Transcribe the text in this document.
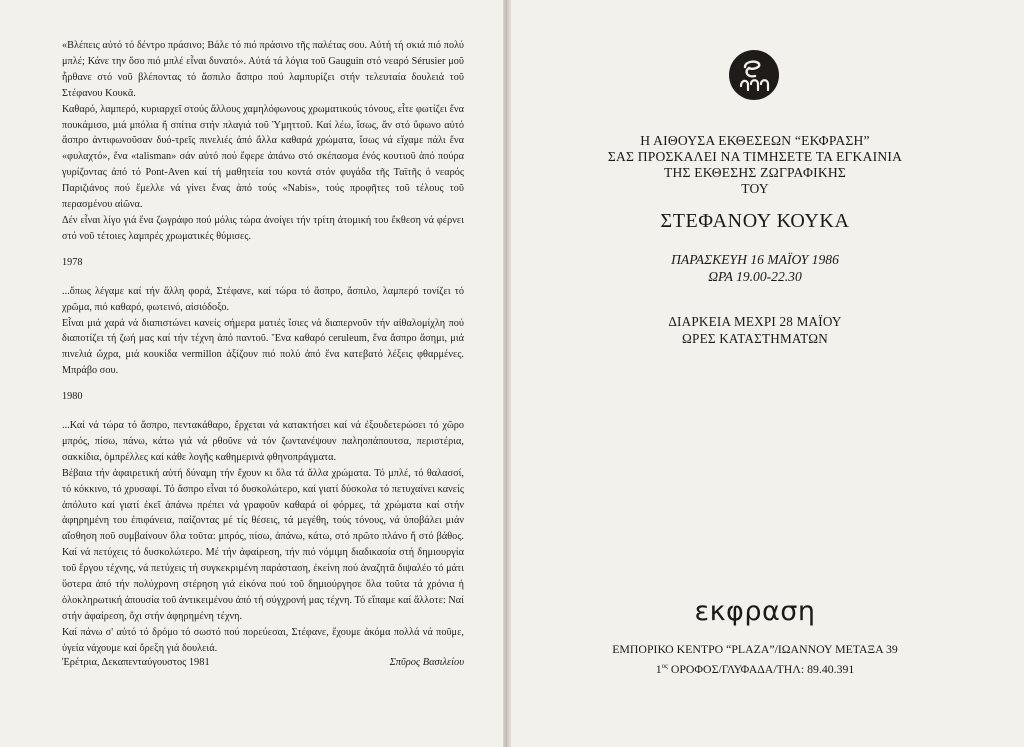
«Βλέπεις αὐτό τό δέντρο πράσινο; Βάλε τό πιό πράσινο τῆς παλέτας σου. Αὐτή τή σκιά πιό πολύ μπλέ; Κάνε την ὅσο πιό μπλέ εἶναι δυνατό». Αὐτά τά λόγια τοῦ Gauguin στό νεαρό Sérusier μοῦ ἦρθανε στό νοῦ βλέποντας τό ἄσπιλο ἄσπρο πού λαμπυρίζει στήν τελευταία δουλειά τοῦ Στέφανου Κουκᾶ.

Καθαρό, λαμπερό, κυριαρχεῖ στούς ἄλλους χαμηλόφωνους χρωματικούς τόνους, εἶτε φωτίζει ἕνα πουκάμισο, μιά μπόλια ἤ σπίτια στήν πλαγιά τοῦ Ὑμηττοῦ. Καί λέω, ἴσως, ἄν στό ὕφωνο αὐτό ἄσπρο ἀντιφωνοῦσαν δυό-τρεῖς πινελιές ἀπό ἄλλα καθαρά χρώματα, ἴσως νά εἴχαμε πάλι ἕνα «φυλαχτό», ἕνα «talisman» σάν αὐτό πού ἔφερε ἀπάνω στό σκέπασμα ἑνός κουτιοῦ ἀπό πούρα γυρίζοντας ἀπό τό Pont-Aven καί τή μαθητεία του κοντά στόν φυγάδα τῆς Ταϊτῆς ὁ νεαρός Παριζιάνος πού ἔμελλε νά γίνει ἕνας ἀπό τούς «Nabis», τούς προφῆτες τοῦ τέλους τοῦ περασμένου αἰῶνα.

Δέν εἶναι λίγο γιά ἕνα ζωγράφο πού μόλις τώρα ἀνοίγει τήν τρίτη ἀτομική του ἔκθεση νά φέρνει στό νοῦ τέτοιες λαμπρές χρωματικές θύμισες.

1978

...ὅπως λέγαμε καί τήν ἄλλη φορά, Στέφανε, καί τώρα τό ἄσπρο, ἄσπιλο, λαμπερό τονίζει τό χρῶμα, πιό καθαρό, φωτεινό, αἰσιόδοξο.

Εἶναι μιά χαρά νά διαπιστώνει κανείς σήμερα ματιές ἴσιες νά διαπερνοῦν τήν αἰθαλομίχλη πού διαποτίζει τή ζωή μας καί τήν τέχνη ἀπό παντοῦ. Ἕνα καθαρό ceruleum, ἕνα ἄσπρο ἄσημι, μιά πινελιά ὤχρα, μιά κουκίδα vermillon ἀξίζουν πιό πολύ ἀπό ἕνα κατεβατό λέξεις φθαρμένες. Μπράβο σου.

1980

...Καί νά τώρα τό ἄσπρο, πεντακάθαρο, ἔρχεται νά κατακτήσει καί νά ἐξουδετερώσει τό χῶρο μπρός, πίσω, πάνω, κάτω γιά νά ρθοῦνε νά τόν ζωντανέψουν παληοπάπουτσα, περιστέρια, σακκίδια, ὀμπρέλλες καί κάθε λογῆς καθημερινά φθηνοπράγματα.

Βέβαια τήν ἀφαιρετική αὐτή δύναμη τήν ἔχουν κι ὅλα τά ἄλλα χρώματα. Τό μπλέ, τό θαλασσί, τό κόκκινο, τό χρυσαφί. Τό ἄσπρο εἶναι τό δυσκολώτερο, καί γιατί δύσκολα τό πετυχαίνει κανείς ἀπόλυτο καί γιατί ἐκεῖ ἀπάνω πρέπει νά γραφοῦν καθαρά οἱ φόρμες, τά χρώματα καί στήν ἀφηρημένη του ἐπιφάνεια, παίζοντας μέ τίς θέσεις, τά μεγέθη, τούς τόνους, νά ὑποβάλει μιάν αἴσθηση ποῦ συμβαίνουν ὅλα τοῦτα: μπρός, πίσω, ἀπάνω, κάτω, στό πρῶτο πλάνο ἤ στό βάθος. Καί νά πετύχεις τό δυσκολώτερο. Μέ τήν ἀφαίρεση, τήν πιό νόμιμη διαδικασία στή δημιουργία τοῦ ἔργου τέχνης, νά πετύχεις τή συγκεκριμένη παράσταση, ἐκείνη πού ἀναζητᾶ διψαλέο τό μάτι ὕστερα ἀπό τήν πολύχρονη στέρηση γιά εἰκόνα πού τοῦ δημιούργησε ὅλα τοῦτα τά χρόνια ἡ ὁλοκληρωτική ἀπουσία τοῦ ἀντικειμένου ἀπό τή σύγχρονή μας τέχνη. Τό εἴπαμε καί ἄλλοτε: Ναί στήν ἀφαίρεση, ὄχι στήν ἀφηρημένη τέχνη.

Καί πάνω σ' αὐτό τό δρόμο τό σωστό πού πορεύεσαι, Στέφανε, ἔχουμε ἀκόμα πολλά νά ποῦμε, ὑγεία νάχουμε καί ὄρεξη γιά δουλειά.

Ἐρέτρια, Δεκαπενταύγουστος 1981	Σπῦρος Βασιλείου
Η ΑΙΘΟΥΣΑ ΕΚΘΕΣΕΩΝ “ΕΚΦΡΑΣΗ”
ΣΑΣ ΠΡΟΣΚΑΛΕΙ ΝΑ ΤΙΜΗΣΕΤΕ ΤΑ ΕΓΚΑΙΝΙΑ
ΤΗΣ ΕΚΘΕΣΗΣ ΖΩΓΡΑΦΙΚΗΣ
ΤΟΥ
ΣΤΕΦΑΝΟΥ ΚΟΥΚΑ
ΠΑΡΑΣΚΕΥΗ 16 ΜΑΪΟΥ 1986
ΩΡΑ 19.00-22.30
ΔΙΑΡΚΕΙΑ ΜΕΧΡΙ 28 ΜΑΪΟΥ
ΩΡΕΣ ΚΑΤΑΣΤΗΜΑΤΩΝ
εκφραση
ΕΜΠΟΡΙΚΟ ΚΕΝΤΡΟ “PLAZA”/ΙΩΑΝΝΟΥ ΜΕΤΑΞΑ 39
$1^{o\varsigma}$ ΟΡΟΦΟΣ/ΓΛΥΦΑΔΑ/ΤΗΛ: 89.40.391
